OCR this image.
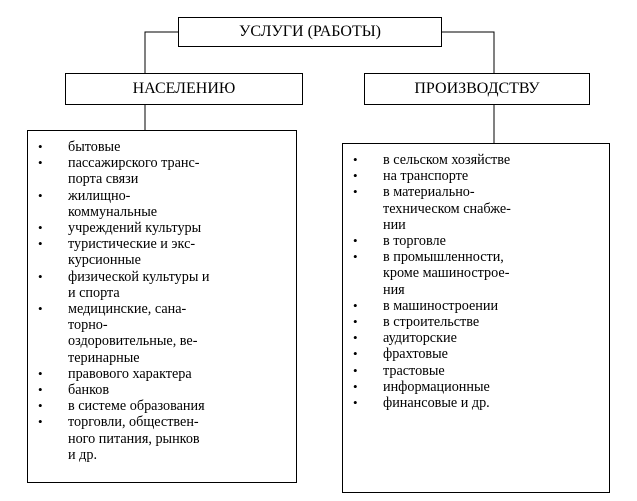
УСЛУГИ (РАБОТЫ)
НАСЕЛЕНИЮ	ПРОИЗВОДСТВУ
•	бытовые
•	пассажирского транс-
порта связи
•	жилищно-
коммунальные
•	учреждений культуры
•	туристические и экс-
курсионные
•	физической культуры и
и спорта
•	медицинские, сана-
торно-
оздоровительные, ве-
теринарные
•	правового характера
•	банков
•	в системе образования
•	торговли, обществен-
ного питания, рынков
и др.
•	в сельском хозяйстве
•	на транспорте
•	в материально-
техническом снабже-
нии
•	в торговле
•	в промышленности,
кроме машинострое-
ния
•	в машиностроении
•	в строительстве
•	аудиторские
•	фрахтовые
•	трастовые
•	информационные
•	финансовые и др.
